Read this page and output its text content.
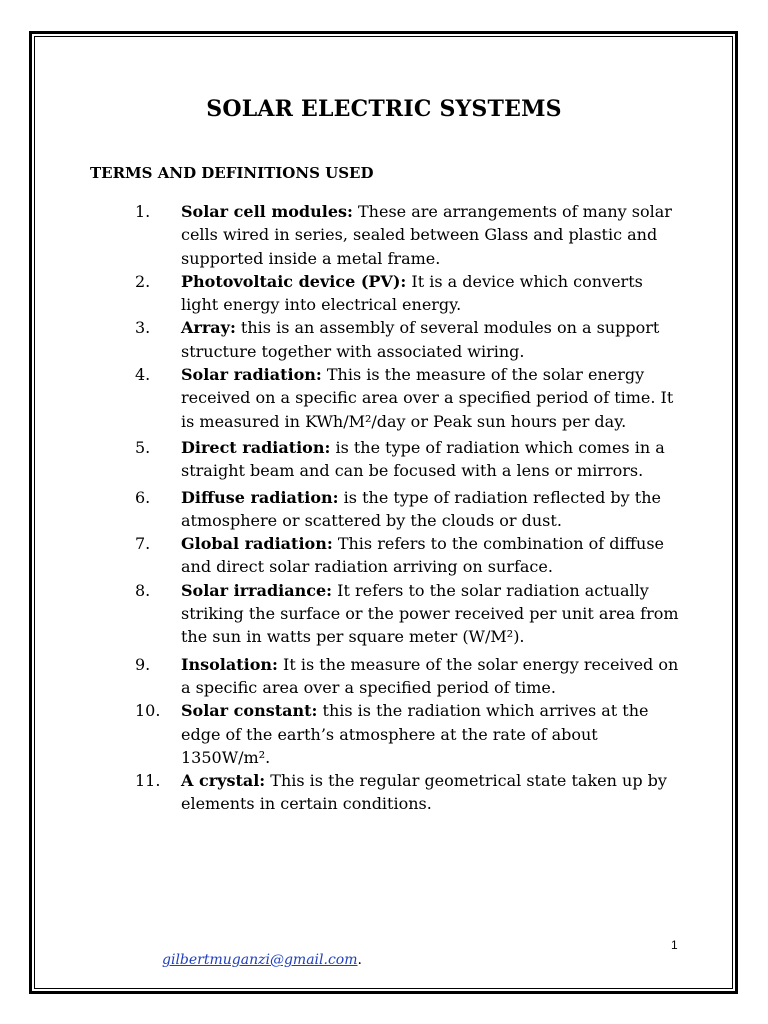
SOLAR ELECTRIC SYSTEMS
TERMS AND DEFINITIONS USED
1. Solar cell modules: These are arrangements of many solar cells wired in series, sealed between Glass and plastic and supported inside a metal frame.
2. Photovoltaic device (PV): It is a device which converts light energy into electrical energy.
3. Array: this is an assembly of several modules on a support structure together with associated wiring.
4. Solar radiation: This is the measure of the solar energy received on a specific area over a specified period of time. It is measured in KWh/M²/day or Peak sun hours per day.
5. Direct radiation: is the type of radiation which comes in a straight beam and can be focused with a lens or mirrors.
6. Diffuse radiation: is the type of radiation reflected by the atmosphere or scattered by the clouds or dust.
7. Global radiation: This refers to the combination of diffuse and direct solar radiation arriving on surface.
8. Solar irradiance: It refers to the solar radiation actually striking the surface or the power received per unit area from the sun in watts per square meter (W/M²).
9. Insolation: It is the measure of the solar energy received on a specific area over a specified period of time.
10. Solar constant: this is the radiation which arrives at the edge of the earth’s atmosphere at the rate of about 1350W/m².
11. A crystal: This is the regular geometrical state taken up by elements in certain conditions.
1
gilbertmuganzi@gmail.com.
